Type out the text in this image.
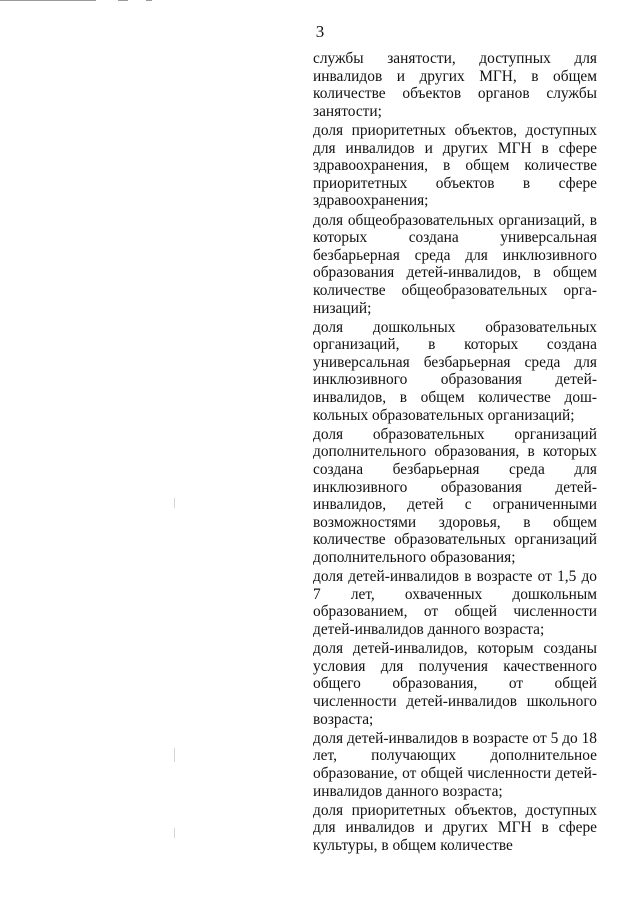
3

службы занятости, доступных для инвалидов и других МГН, в общем количестве объектов органов службы занятости;

доля приоритетных объектов, доступных для инвалидов и других МГН в сфере здравоохранения, в общем количестве приоритетных объектов в сфере здравоохранения;

доля общеобразовательных организаций, в которых создана универсальная безбарьерная среда для инклюзивного образования детей-инвалидов, в общем количестве общеобразовательных орга-низаций;

доля дошкольных образовательных организаций, в которых создана универсальная безбарьерная среда для инклюзивного образования детей-инвалидов, в общем количестве дош-кольных образовательных организаций;

доля образовательных организаций дополнительного образования, в которых создана безбарьерная среда для инклюзивного образования детей-инвалидов, детей с ограниченными возможностями здоровья, в общем количестве образовательных организаций дополнительного образования;

доля детей-инвалидов в возрасте от 1,5 до 7 лет, охваченных дошкольным образованием, от общей численности детей-инвалидов данного возраста;

доля детей-инвалидов, которым созданы условия для получения качественного общего образования, от общей численности детей-инвалидов школьного возраста;

доля детей-инвалидов в возрасте от 5 до 18 лет, получающих дополнительное образование, от общей численности детей-инвалидов данного возраста;

доля приоритетных объектов, доступных для инвалидов и других МГН в сфере культуры, в общем количестве
